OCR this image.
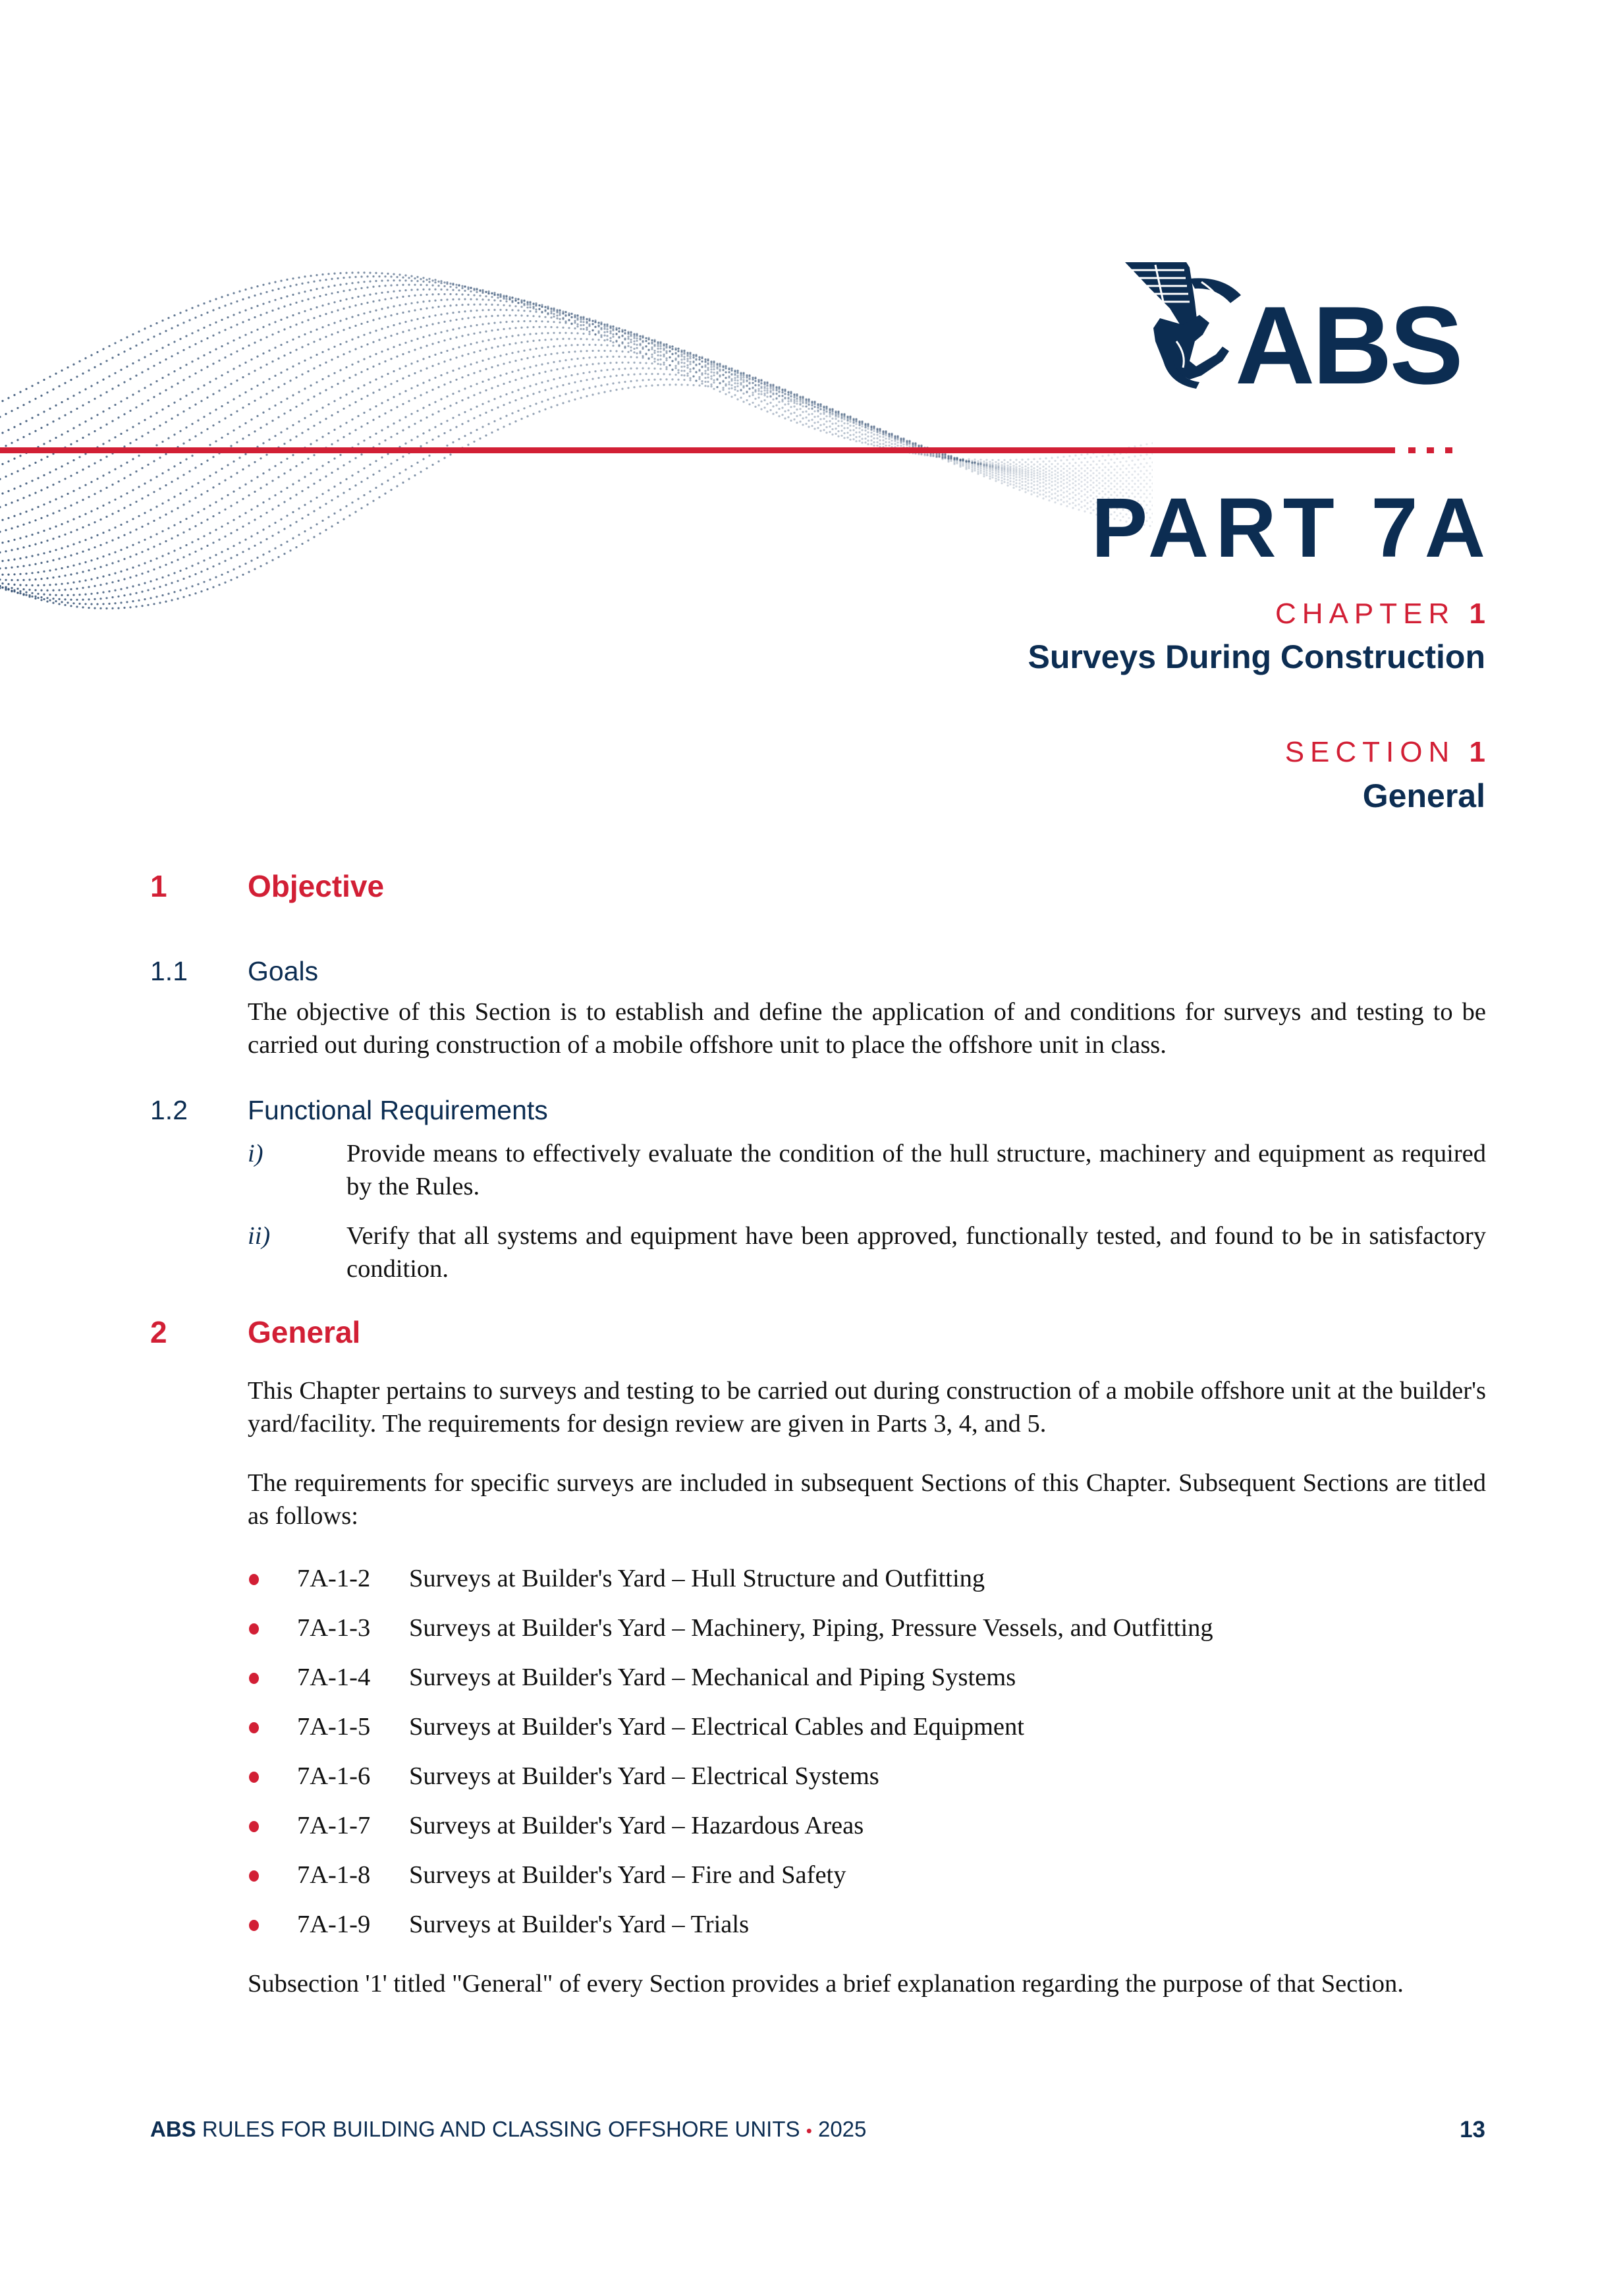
ABS
PART 7A
CHAPTER 1
Surveys During Construction
SECTION 1
General
1	Objective
1.1 Goals
The objective of this Section is to establish and define the application of and conditions for surveys and testing to be carried out during construction of a mobile offshore unit to place the offshore unit in class.
1.2 Functional Requirements
i)	Provide means to effectively evaluate the condition of the hull structure, machinery and equipment as required by the Rules.
ii)	Verify that all systems and equipment have been approved, functionally tested, and found to be in satisfactory condition.
2	General
This Chapter pertains to surveys and testing to be carried out during construction of a mobile offshore unit at the builder's yard/facility. The requirements for design review are given in Parts 3, 4, and 5.
The requirements for specific surveys are included in subsequent Sections of this Chapter. Subsequent Sections are titled as follows:
7A-1-2 Surveys at Builder's Yard – Hull Structure and Outfitting
7A-1-3 Surveys at Builder's Yard – Machinery, Piping, Pressure Vessels, and Outfitting
7A-1-4 Surveys at Builder's Yard – Mechanical and Piping Systems
7A-1-5 Surveys at Builder's Yard – Electrical Cables and Equipment
7A-1-6 Surveys at Builder's Yard – Electrical Systems
7A-1-7 Surveys at Builder's Yard – Hazardous Areas
7A-1-8 Surveys at Builder's Yard – Fire and Safety
7A-1-9 Surveys at Builder's Yard – Trials
Subsection '1' titled "General" of every Section provides a brief explanation regarding the purpose of that Section.
ABS RULES FOR BUILDING AND CLASSING OFFSHORE UNITS • 2025	13
